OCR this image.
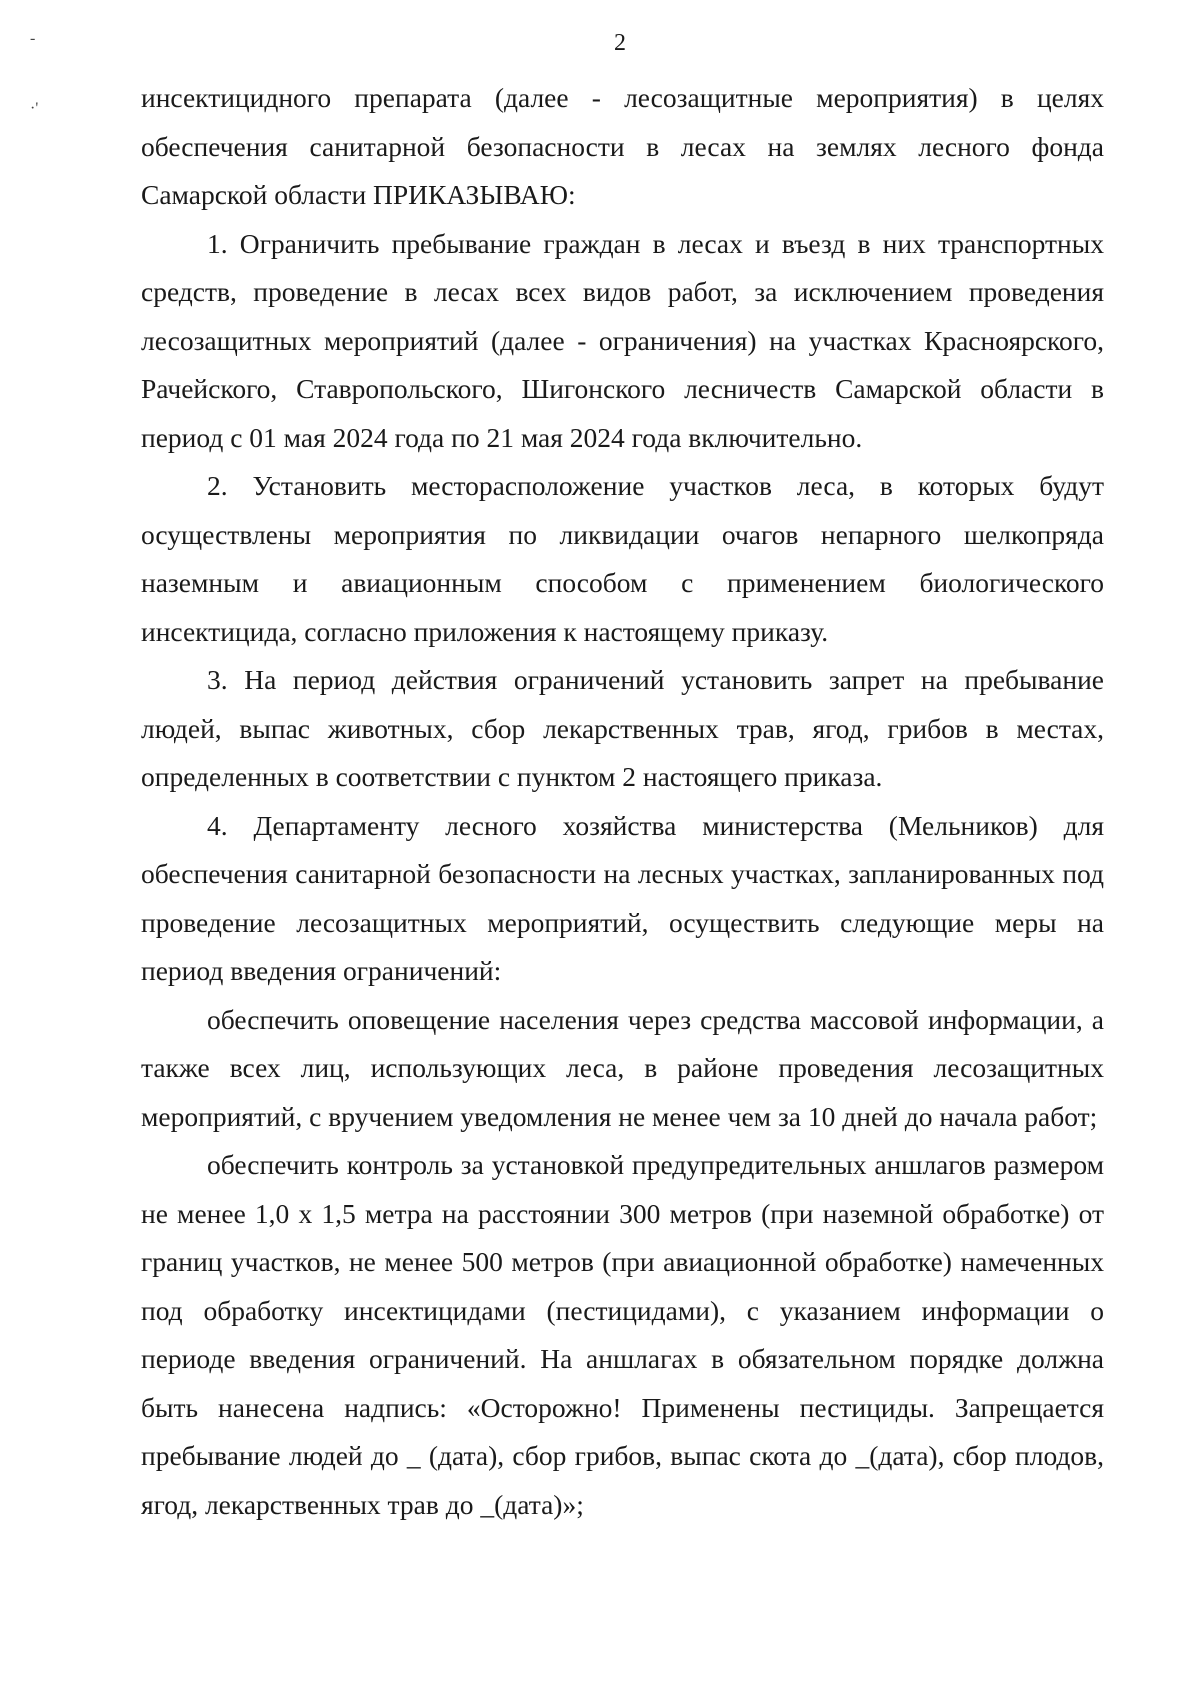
-
·'
2

инсектицидного препарата (далее - лесозащитные мероприятия) в целях обеспечения санитарной безопасности в лесах на землях лесного фонда Самарской области ПРИКАЗЫВАЮ:

1. Ограничить пребывание граждан в лесах и въезд в них транспортных средств, проведение в лесах всех видов работ, за исключением проведения лесозащитных мероприятий (далее - ограничения) на участках Красноярского, Рачейского, Ставропольского, Шигонского лесничеств Самарской области в период с 01 мая 2024 года по 21 мая 2024 года включительно.

2. Установить месторасположение участков леса, в которых будут осуществлены мероприятия по ликвидации очагов непарного шелкопряда наземным и авиационным способом с применением биологического инсектицида, согласно приложения к настоящему приказу.

3. На период действия ограничений установить запрет на пребывание людей, выпас животных, сбор лекарственных трав, ягод, грибов в местах, определенных в соответствии с пунктом 2 настоящего приказа.

4. Департаменту лесного хозяйства министерства (Мельников) для обеспечения санитарной безопасности на лесных участках, запланированных под проведение лесозащитных мероприятий, осуществить следующие меры на период введения ограничений:

обеспечить оповещение населения через средства массовой информации, а также всех лиц, использующих леса, в районе проведения лесозащитных мероприятий, с вручением уведомления не менее чем за 10 дней до начала работ;

обеспечить контроль за установкой предупредительных аншлагов размером не менее 1,0 х 1,5 метра на расстоянии 300 метров (при наземной обработке) от границ участков, не менее 500 метров (при авиационной обработке) намеченных под обработку инсектицидами (пестицидами), с указанием информации о периоде введения ограничений. На аншлагах в обязательном порядке должна быть нанесена надпись: «Осторожно! Применены пестициды. Запрещается пребывание людей до _ (дата), сбор грибов, выпас скота до _(дата), сбор плодов, ягод, лекарственных трав до _(дата)»;
